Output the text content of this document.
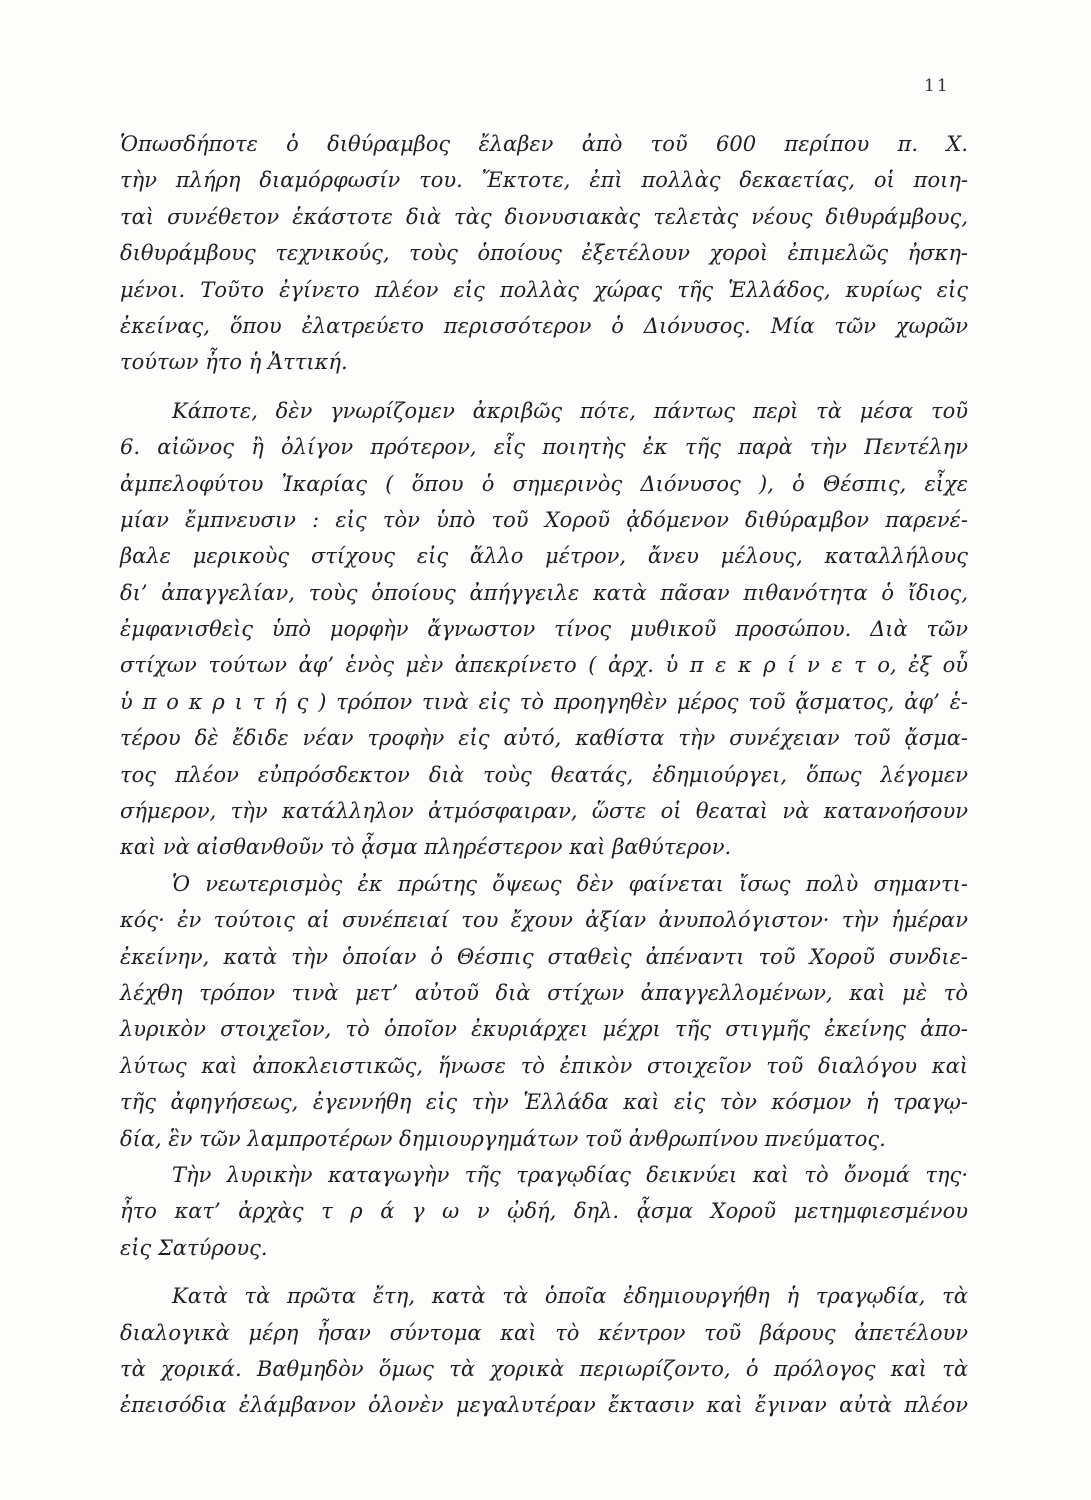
11
Ὁπωσδήποτε ὁ διθύραμβος ἔλαβεν ἀπὸ τοῦ 600 περίπου π. Χ.
τὴν πλήρη διαμόρφωσίν του. Ἔκτοτε, ἐπὶ πολλὰς δεκαετίας, οἱ ποιη-
ταὶ συνέθετον ἑκάστοτε διὰ τὰς διονυσιακὰς τελετὰς νέους διθυράμβους,
διθυράμβους τεχνικούς, τοὺς ὁποίους ἐξετέλουν χοροὶ ἐπιμελῶς ἠσκη-
μένοι. Τοῦτο ἐγίνετο πλέον εἰς πολλὰς χώρας τῆς Ἑλλάδος, κυρίως εἰς
ἐκείνας, ὅπου ἐλατρεύετο περισσότερον ὁ Διόνυσος. Μία τῶν χωρῶν
τούτων ἦτο ἡ Ἀττική.
Κάποτε, δὲν γνωρίζομεν ἀκριβῶς πότε, πάντως περὶ τὰ μέσα τοῦ
6. αἰῶνος ἢ ὀλίγον πρότερον, εἷς ποιητὴς ἐκ τῆς παρὰ τὴν Πεντέλην
ἀμπελοφύτου Ἰκαρίας ( ὅπου ὁ σημερινὸς Διόνυσος ), ὁ Θέσπις, εἶχε
μίαν ἔμπνευσιν : εἰς τὸν ὑπὸ τοῦ Χοροῦ ᾀδόμενον διθύραμβον παρενέ-
βαλε μερικοὺς στίχους εἰς ἄλλο μέτρον, ἄνευ μέλους, καταλλήλους
δι’ ἀπαγγελίαν, τοὺς ὁποίους ἀπήγγειλε κατὰ πᾶσαν πιθανότητα ὁ ἴδιος,
ἐμφανισθεὶς ὑπὸ μορφὴν ἄγνωστον τίνος μυθικοῦ προσώπου. Διὰ τῶν
στίχων τούτων ἀφ’ ἑνὸς μὲν ἀπεκρίνετο ( ἀρχ. ὑ π ε κ ρ ί ν ε τ ο, ἐξ οὗ
ὑ π ο κ ρ ι τ ή ς ) τρόπον τινὰ εἰς τὸ προηγηθὲν μέρος τοῦ ᾄσματος, ἀφ’ ἑ-
τέρου δὲ ἔδιδε νέαν τροφὴν εἰς αὐτό, καθίστα τὴν συνέχειαν τοῦ ᾄσμα-
τος πλέον εὐπρόσδεκτον διὰ τοὺς θεατάς, ἐδημιούργει, ὅπως λέγομεν
σήμερον, τὴν κατάλληλον ἀτμόσφαιραν, ὥστε οἱ θεαταὶ νὰ κατανοήσουν
καὶ νὰ αἰσθανθοῦν τὸ ᾆσμα πληρέστερον καὶ βαθύτερον.
Ὁ νεωτερισμὸς ἐκ πρώτης ὄψεως δὲν φαίνεται ἴσως πολὺ σημαντι-
κός· ἐν τούτοις αἱ συνέπειαί του ἔχουν ἀξίαν ἀνυπολόγιστον· τὴν ἡμέραν
ἐκείνην, κατὰ τὴν ὁποίαν ὁ Θέσπις σταθεὶς ἀπέναντι τοῦ Χοροῦ συνδιε-
λέχθη τρόπον τινὰ μετ’ αὐτοῦ διὰ στίχων ἀπαγγελλομένων, καὶ μὲ τὸ
λυρικὸν στοιχεῖον, τὸ ὁποῖον ἐκυριάρχει μέχρι τῆς στιγμῆς ἐκείνης ἀπο-
λύτως καὶ ἀποκλειστικῶς, ἥνωσε τὸ ἐπικὸν στοιχεῖον τοῦ διαλόγου καὶ
τῆς ἀφηγήσεως, ἐγεννήθη εἰς τὴν Ἑλλάδα καὶ εἰς τὸν κόσμον ἡ τραγῳ-
δία, ἓν τῶν λαμπροτέρων δημιουργημάτων τοῦ ἀνθρωπίνου πνεύματος.
Τὴν λυρικὴν καταγωγὴν τῆς τραγῳδίας δεικνύει καὶ τὸ ὄνομά της·
ἦτο κατ’ ἀρχὰς τ ρ ά γ ω ν ᾠδή, δηλ. ᾆσμα Χοροῦ μετημφιεσμένου
εἰς Σατύρους.
Κατὰ τὰ πρῶτα ἔτη, κατὰ τὰ ὁποῖα ἐδημιουργήθη ἡ τραγῳδία, τὰ
διαλογικὰ μέρη ἦσαν σύντομα καὶ τὸ κέντρον τοῦ βάρους ἀπετέλουν
τὰ χορικά. Βαθμηδὸν ὅμως τὰ χορικὰ περιωρίζοντο, ὁ πρόλογος καὶ τὰ
ἐπεισόδια ἐλάμβανον ὁλονὲν μεγαλυτέραν ἔκτασιν καὶ ἔγιναν αὐτὰ πλέον
